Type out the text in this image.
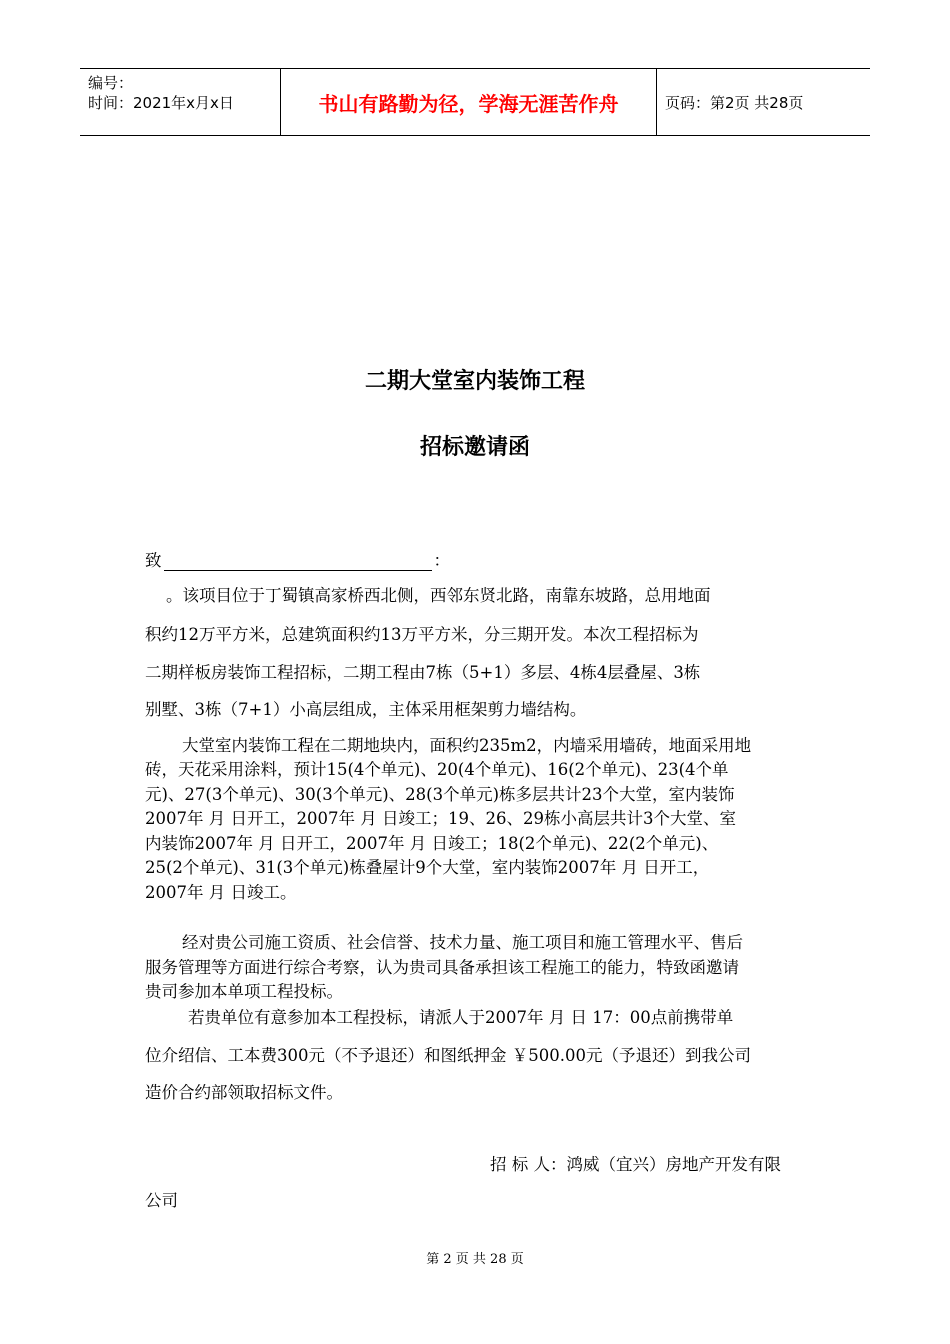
编号：
时间：2021年x月x日	书山有路勤为径，学海无涯苦作舟	页码：第2页 共28页
二期大堂室内装饰工程
招标邀请函
致	：
。该项目位于丁蜀镇高家桥西北侧，西邻东贤北路，南靠东坡路，总用地面
积约12万平方米，总建筑面积约13万平方米，分三期开发。本次工程招标为
二期样板房装饰工程招标，二期工程由7栋（5+1）多层、4栋4层叠屋、3栋
别墅、3栋（7+1）小高层组成，主体采用框架剪力墙结构。
大堂室内装饰工程在二期地块内，面积约235m2，内墙采用墙砖，地面采用地
砖，天花采用涂料，预计15(4个单元)、20(4个单元)、16(2个单元)、23(4个单
元)、27(3个单元)、30(3个单元)、28(3个单元)栋多层共计23个大堂，室内装饰
2007年 月 日开工，2007年 月 日竣工；19、26、29栋小高层共计3个大堂、室
内装饰2007年 月 日开工，2007年 月 日竣工；18(2个单元)、22(2个单元)、
25(2个单元)、31(3个单元)栋叠屋计9个大堂，室内装饰2007年 月 日开工，
2007年 月 日竣工。
经对贵公司施工资质、社会信誉、技术力量、施工项目和施工管理水平、售后
服务管理等方面进行综合考察，认为贵司具备承担该工程施工的能力，特致函邀请
贵司参加本单项工程投标。
若贵单位有意参加本工程投标，请派人于2007年 月 日 17：00点前携带单
位介绍信、工本费300元（不予退还）和图纸押金 ￥500.00元（予退还）到我公司
造价合约部领取招标文件。
招 标 人：鸿威（宜兴）房地产开发有限
公司
第 2 页 共 28 页
